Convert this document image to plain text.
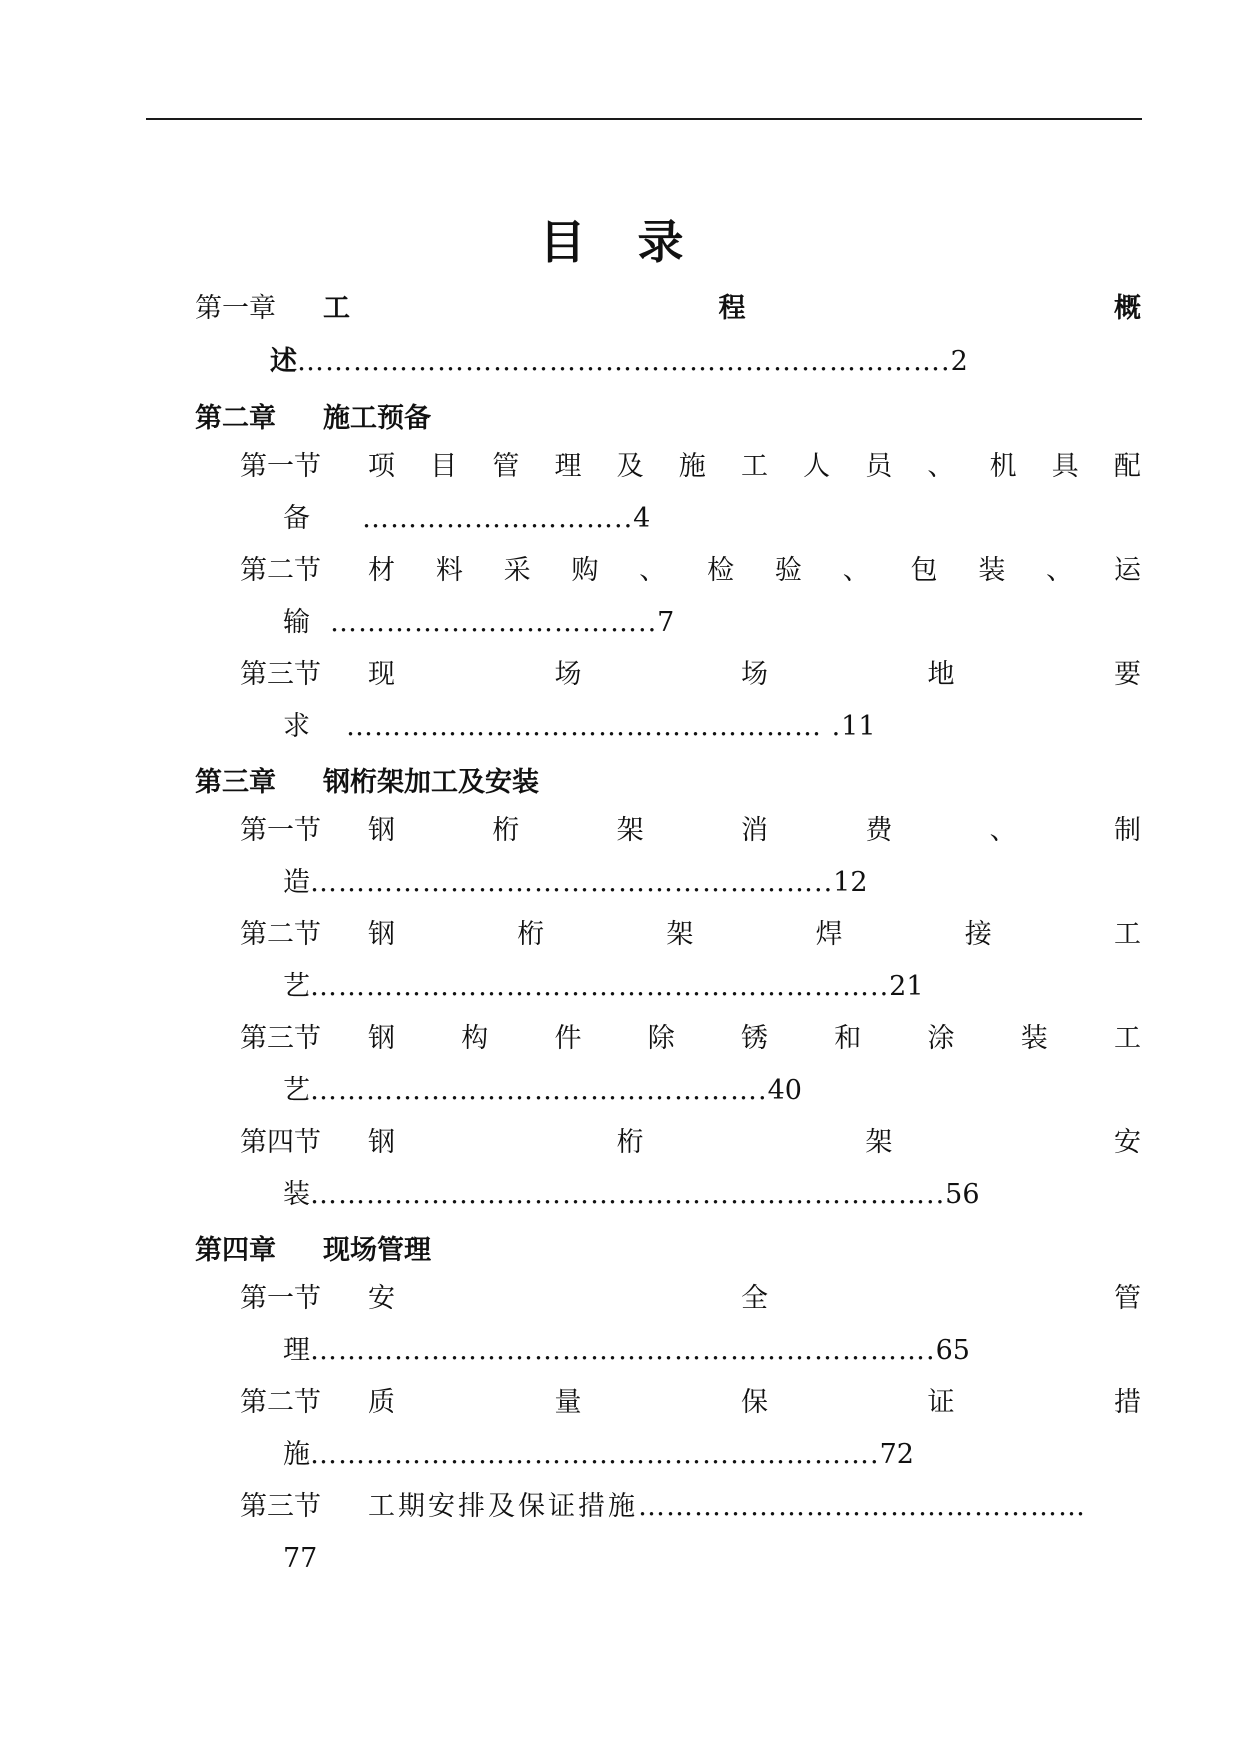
目 录
第一章	工	程	概
述 ……………………………………………………………. 2
第二章	施工预备
第一节	项 目 管 理 及 施 工 人 员 、 机 具 配
备 ……………………….. 4
第二节	材 料 采 购 、 检 验 、 包 装 、 运
输 …………………………….. 7
第三节	现	场	场	地	要
求 …………………………………………… . 11
第三章	钢桁架加工及安装
第一节	钢	桁	架	消	费	、	制
造 ……………………………………………….. 12
第二节	钢	桁	架	焊	接	工
艺 …………………………………………………….. 21
第三节	钢 构 件 除 锈 和 涂 装 工
艺 …………………………………………. 40
第四节	钢	桁	架	安
装 ………………………………………………………….. 56
第四章	现场管理
第一节	安	全	管
理 …………………………………………………………. 65
第二节	质	量	保	证	措
施 ……………………………………………………. 72
第三节	工期安排及保证措施 …………………………………………
77
